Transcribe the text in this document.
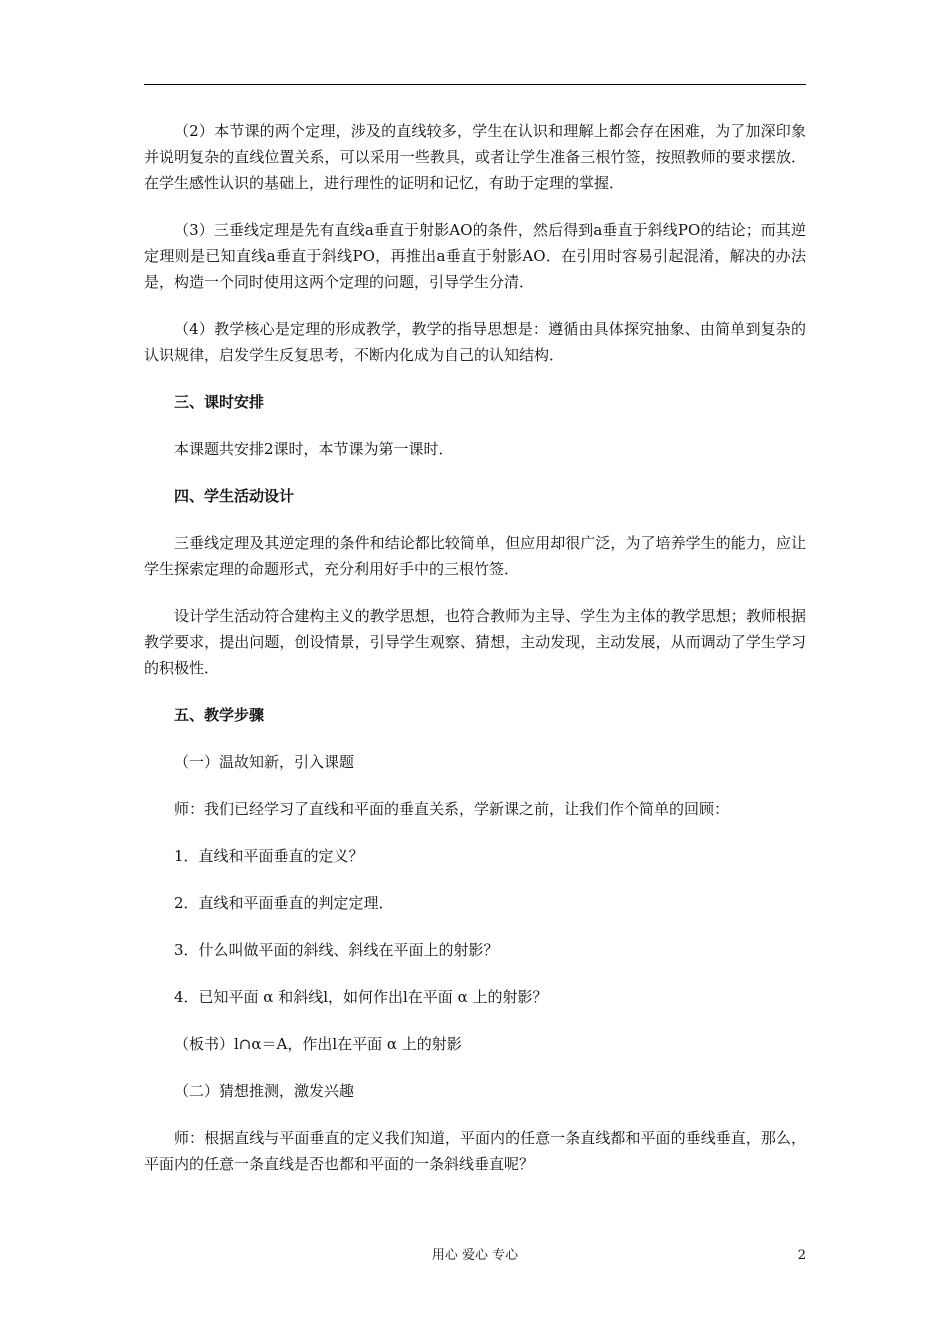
（2）本节课的两个定理，涉及的直线较多，学生在认识和理解上都会存在困难，为了加深印象并说明复杂的直线位置关系，可以采用一些教具，或者让学生准备三根竹签，按照教师的要求摆放．在学生感性认识的基础上，进行理性的证明和记忆，有助于定理的掌握．

（3）三垂线定理是先有直线a垂直于射影AO的条件，然后得到a垂直于斜线PO的结论；而其逆定理则是已知直线a垂直于斜线PO，再推出a垂直于射影AO．在引用时容易引起混淆，解决的办法是，构造一个同时使用这两个定理的问题，引导学生分清．

（4）教学核心是定理的形成教学，教学的指导思想是：遵循由具体探究抽象、由简单到复杂的认识规律，启发学生反复思考，不断内化成为自己的认知结构．

三、课时安排

本课题共安排2课时，本节课为第一课时．

四、学生活动设计

三垂线定理及其逆定理的条件和结论都比较简单，但应用却很广泛，为了培养学生的能力，应让学生探索定理的命题形式，充分利用好手中的三根竹签．

设计学生活动符合建构主义的教学思想，也符合教师为主导、学生为主体的教学思想；教师根据教学要求，提出问题，创设情景，引导学生观察、猜想，主动发现，主动发展，从而调动了学生学习的积极性．

五、教学步骤

（一）温故知新，引入课题

师：我们已经学习了直线和平面的垂直关系，学新课之前，让我们作个简单的回顾：

1．直线和平面垂直的定义？

2．直线和平面垂直的判定定理．

3．什么叫做平面的斜线、斜线在平面上的射影？

4．已知平面 α 和斜线l，如何作出l在平面 α 上的射影？

（板书）l∩α＝A，作出l在平面 α 上的射影

（二）猜想推测，激发兴趣

师：根据直线与平面垂直的定义我们知道，平面内的任意一条直线都和平面的垂线垂直，那么，平面内的任意一条直线是否也都和平面的一条斜线垂直呢？

用心 爱心 专心	2
